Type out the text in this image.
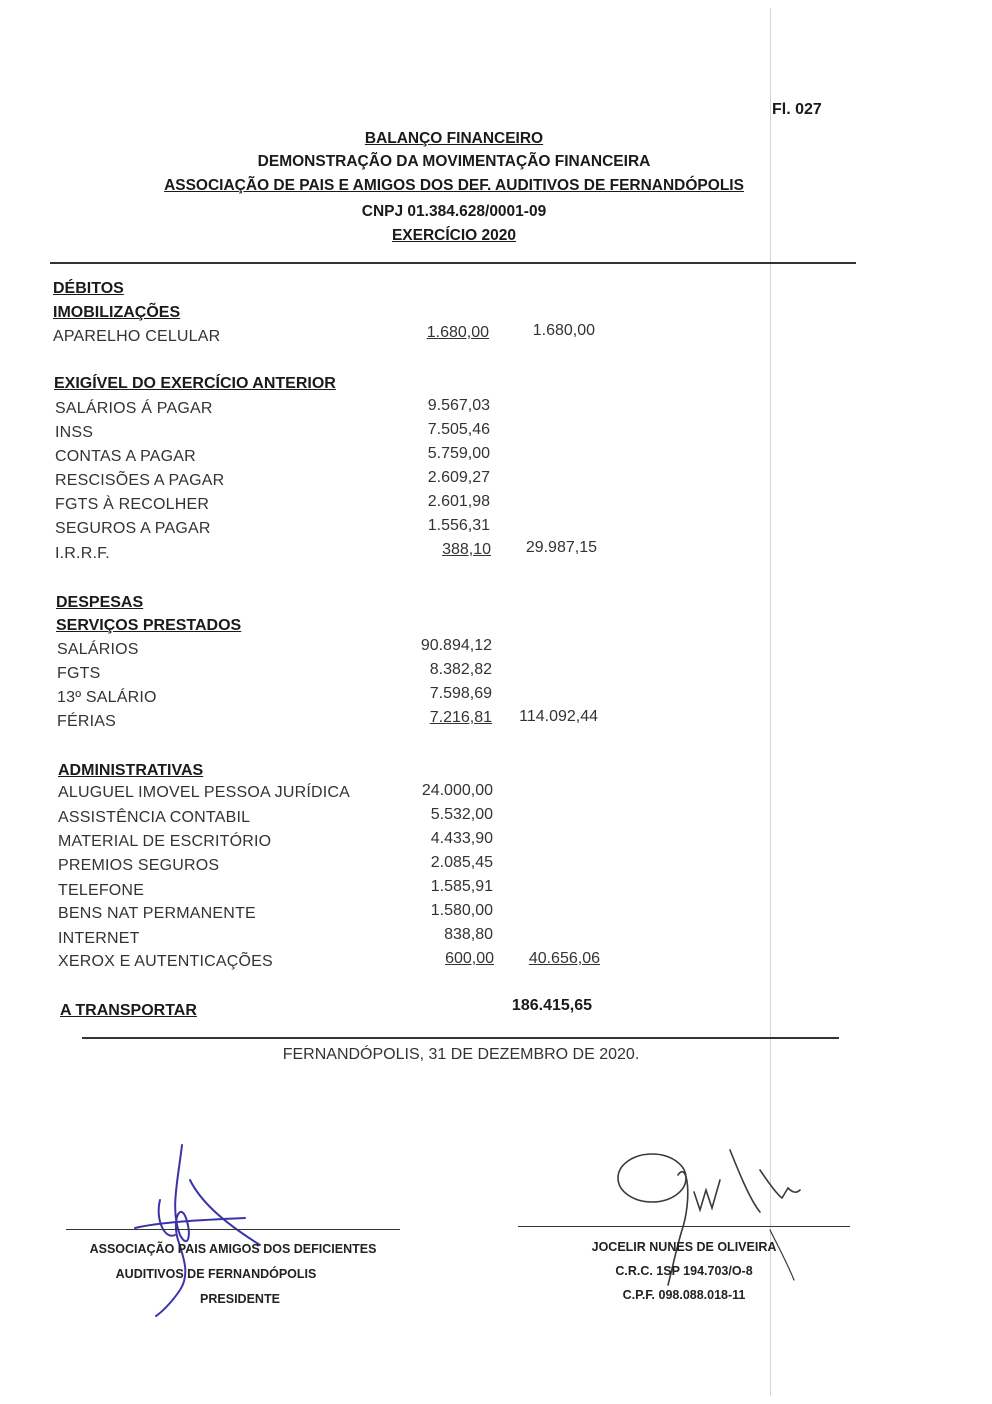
Fl. 027
BALANÇO FINANCEIRO
DEMONSTRAÇÃO DA MOVIMENTAÇÃO FINANCEIRA
ASSOCIAÇÃO DE PAIS E AMIGOS DOS DEF. AUDITIVOS DE FERNANDÓPOLIS
CNPJ 01.384.628/0001-09
EXERCÍCIO 2020
DÉBITOS
IMOBILIZAÇÕES
APARELHO CELULAR	1.680,00	1.680,00
EXIGÍVEL DO EXERCÍCIO ANTERIOR
SALÁRIOS Á PAGAR	9.567,03
INSS	7.505,46
CONTAS A PAGAR	5.759,00
RESCISÕES A PAGAR	2.609,27
FGTS À RECOLHER	2.601,98
SEGUROS A PAGAR	1.556,31
I.R.R.F.	388,10	29.987,15
DESPESAS
SERVIÇOS PRESTADOS
SALÁRIOS	90.894,12
FGTS	8.382,82
13º SALÁRIO	7.598,69
FÉRIAS	7.216,81	114.092,44
ADMINISTRATIVAS
ALUGUEL IMOVEL PESSOA JURÍDICA	24.000,00
ASSISTÊNCIA CONTABIL	5.532,00
MATERIAL DE ESCRITÓRIO	4.433,90
PREMIOS SEGUROS	2.085,45
TELEFONE	1.585,91
BENS NAT PERMANENTE	1.580,00
INTERNET	838,80
XEROX E AUTENTICAÇÕES	600,00	40.656,06
A TRANSPORTAR	186.415,65
FERNANDÓPOLIS, 31 DE DEZEMBRO DE 2020.
ASSOCIAÇÃO PAIS AMIGOS DOS DEFICIENTES
AUDITIVOS DE FERNANDÓPOLIS
PRESIDENTE
JOCELIR NUNES DE OLIVEIRA
C.R.C. 1SP 194.703/O-8
C.P.F. 098.088.018-11
